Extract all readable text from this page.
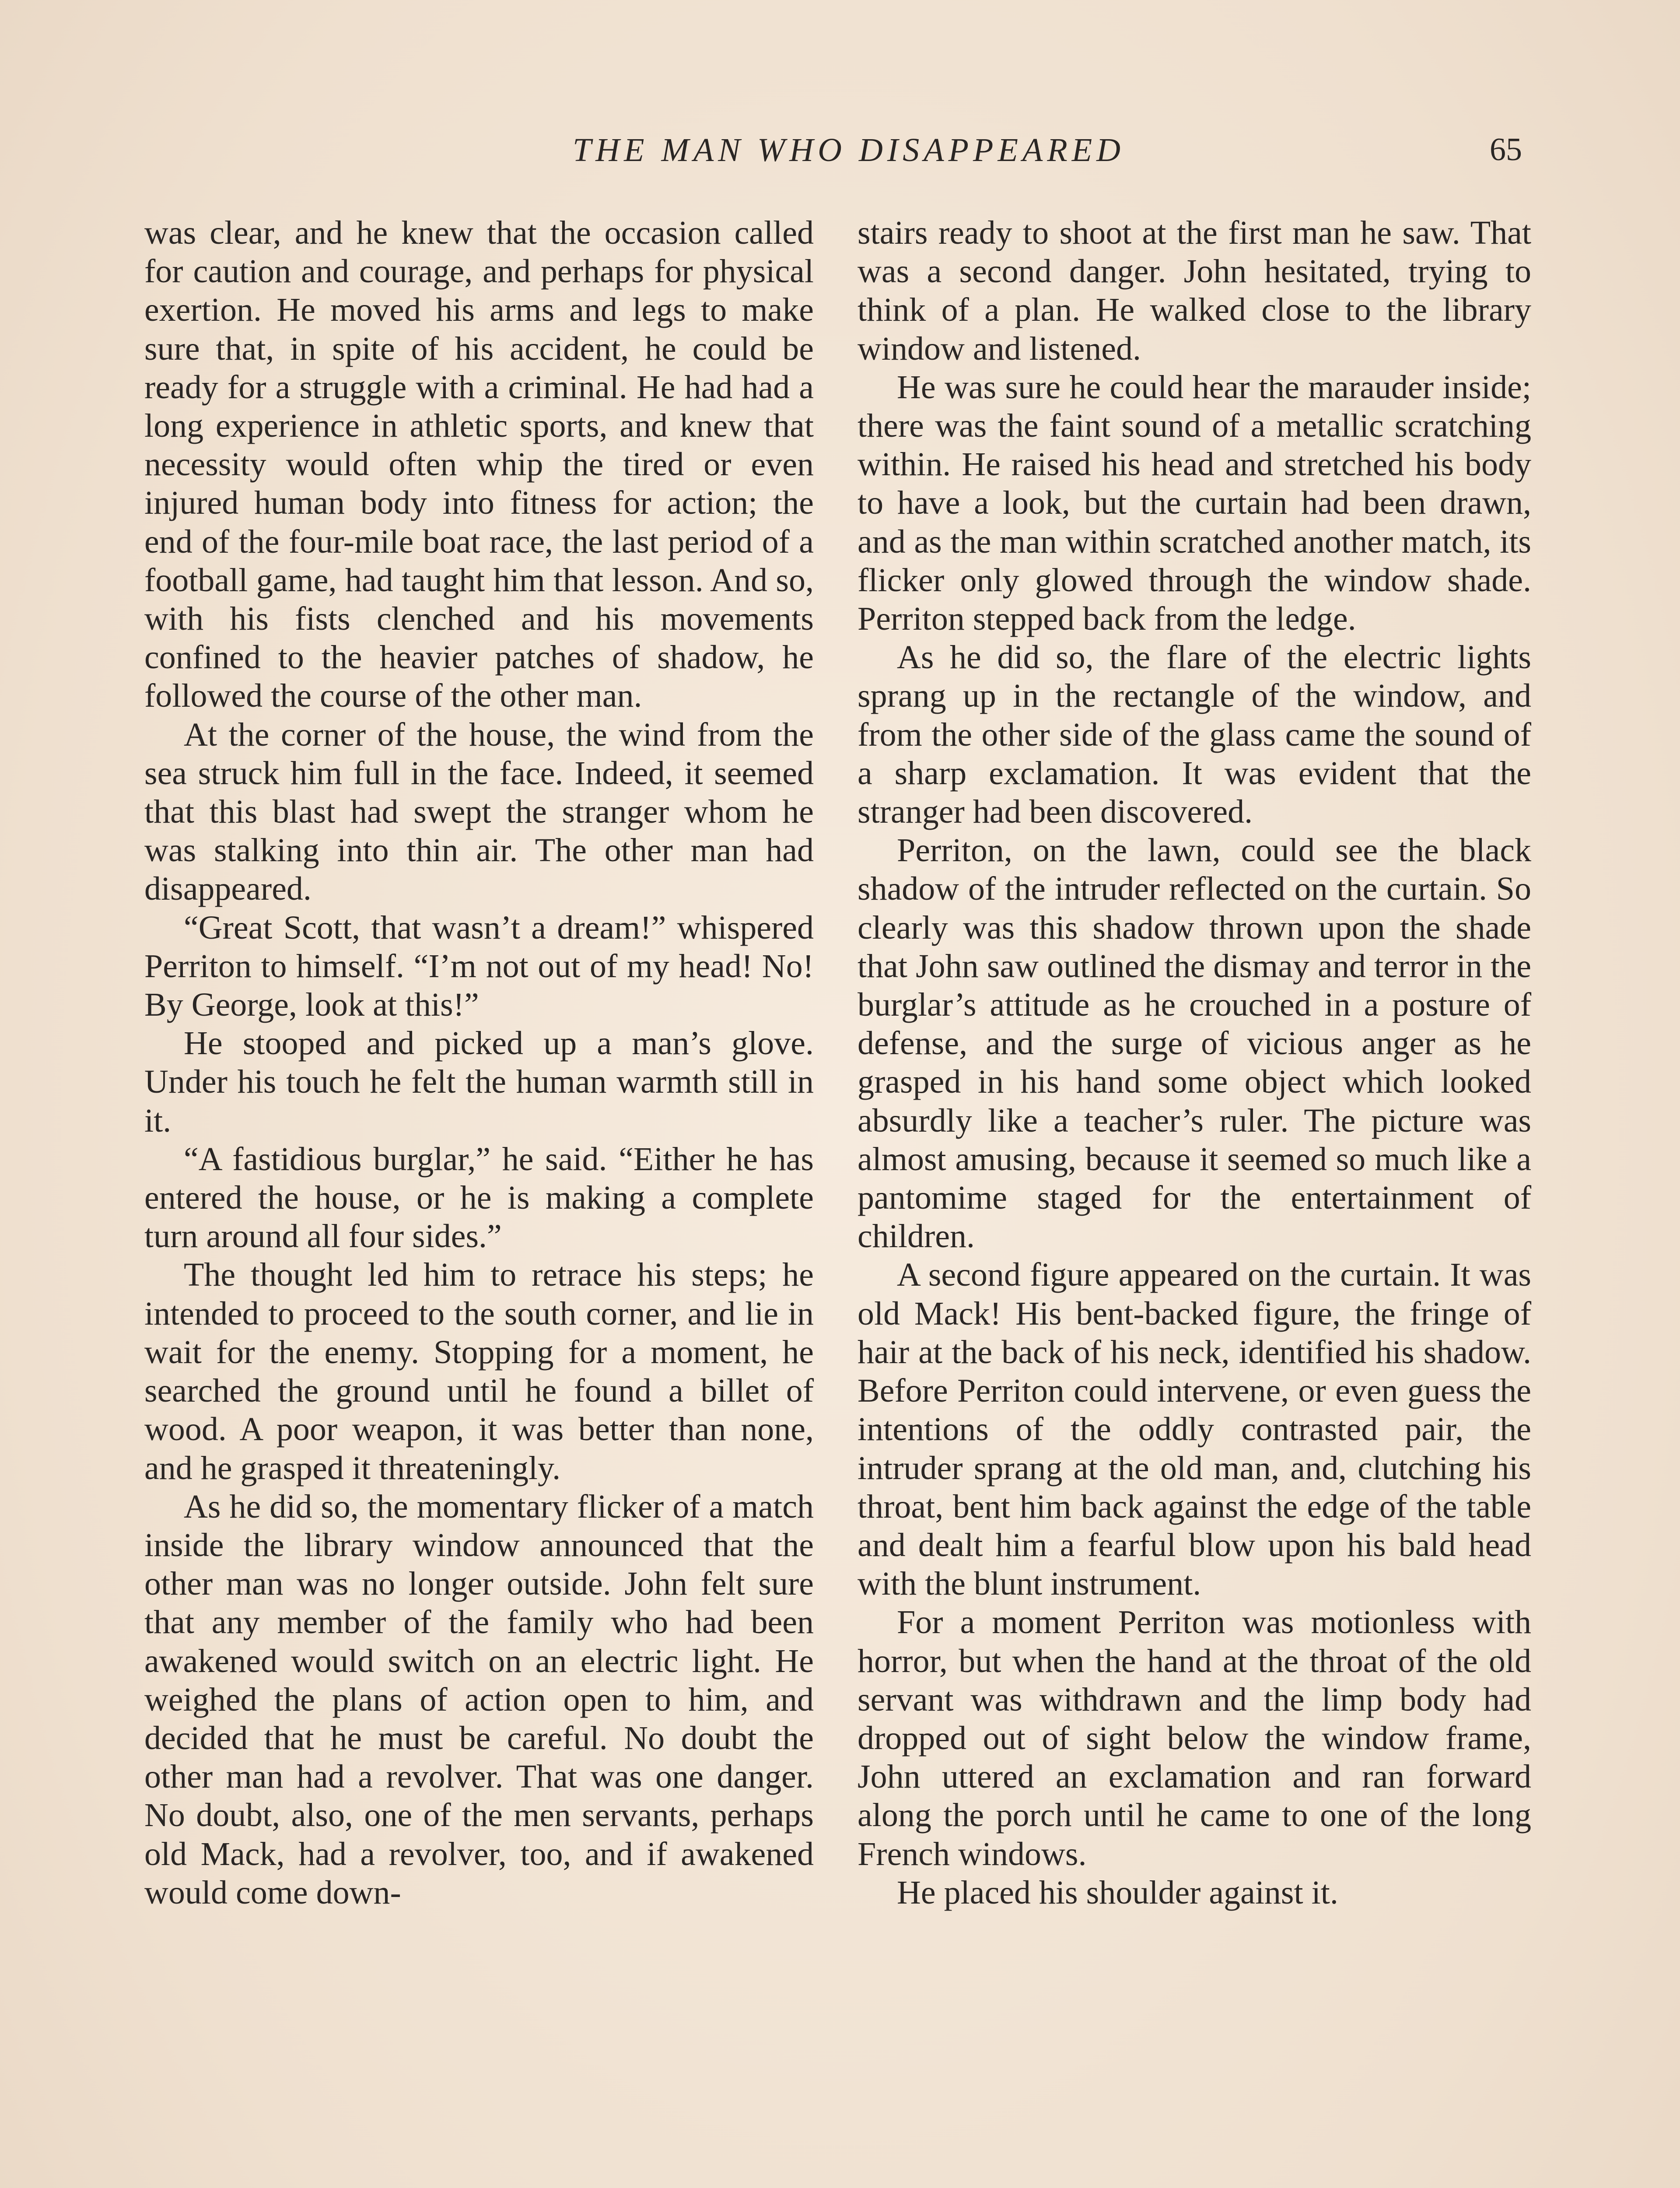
THE MAN WHO DISAPPEARED	65

was clear, and he knew that the occasion called for caution and courage, and perhaps for physical exertion. He moved his arms and legs to make sure that, in spite of his accident, he could be ready for a struggle with a criminal. He had had a long experience in athletic sports, and knew that necessity would often whip the tired or even injured human body into fitness for action; the end of the four-mile boat race, the last period of a football game, had taught him that lesson. And so, with his fists clenched and his movements confined to the heavier patches of shadow, he followed the course of the other man.

At the corner of the house, the wind from the sea struck him full in the face. Indeed, it seemed that this blast had swept the stranger whom he was stalking into thin air. The other man had disappeared.

“Great Scott, that wasn’t a dream!” whispered Perriton to himself. “I’m not out of my head! No! By George, look at this!”

He stooped and picked up a man’s glove. Under his touch he felt the human warmth still in it.

“A fastidious burglar,” he said. “Either he has entered the house, or he is making a complete turn around all four sides.”

The thought led him to retrace his steps; he intended to proceed to the south corner, and lie in wait for the enemy. Stopping for a moment, he searched the ground until he found a billet of wood. A poor weapon, it was better than none, and he grasped it threateningly.

As he did so, the momentary flicker of a match inside the library window announced that the other man was no longer outside. John felt sure that any member of the family who had been awakened would switch on an electric light. He weighed the plans of action open to him, and decided that he must be careful. No doubt the other man had a revolver. That was one danger. No doubt, also, one of the men servants, perhaps old Mack, had a revolver, too, and if awakened would come down-

stairs ready to shoot at the first man he saw. That was a second danger. John hesitated, trying to think of a plan. He walked close to the library window and listened.

He was sure he could hear the marauder inside; there was the faint sound of a metallic scratching within. He raised his head and stretched his body to have a look, but the curtain had been drawn, and as the man within scratched another match, its flicker only glowed through the window shade. Perriton stepped back from the ledge.

As he did so, the flare of the electric lights sprang up in the rectangle of the window, and from the other side of the glass came the sound of a sharp exclamation. It was evident that the stranger had been discovered.

Perriton, on the lawn, could see the black shadow of the intruder reflected on the curtain. So clearly was this shadow thrown upon the shade that John saw outlined the dismay and terror in the burglar’s attitude as he crouched in a posture of defense, and the surge of vicious anger as he grasped in his hand some object which looked absurdly like a teacher’s ruler. The picture was almost amusing, because it seemed so much like a pantomime staged for the entertainment of children.

A second figure appeared on the curtain. It was old Mack! His bent-backed figure, the fringe of hair at the back of his neck, identified his shadow. Before Perriton could intervene, or even guess the intentions of the oddly contrasted pair, the intruder sprang at the old man, and, clutching his throat, bent him back against the edge of the table and dealt him a fearful blow upon his bald head with the blunt instrument.

For a moment Perriton was motionless with horror, but when the hand at the throat of the old servant was withdrawn and the limp body had dropped out of sight below the window frame, John uttered an exclamation and ran forward along the porch until he came to one of the long French windows.

He placed his shoulder against it.
